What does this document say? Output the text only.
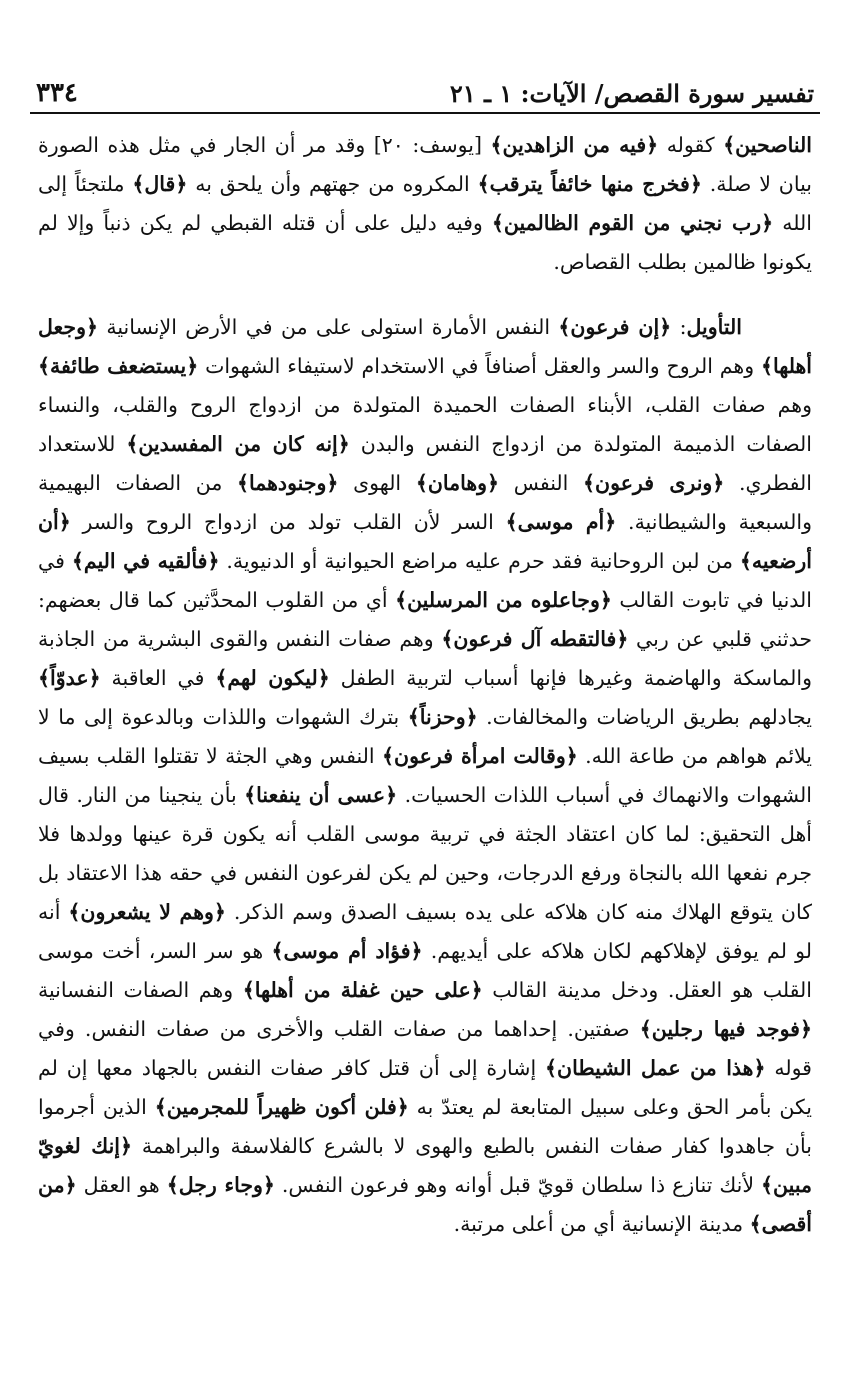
تفسير سورة القصص/ الآيات: ١ ـ ٢١
٣٣٤

الناصحين﴾ كقوله ﴿فيه من الزاهدين﴾ [يوسف: ٢٠] وقد مر أن الجار في مثل هذه الصورة بيان لا صلة. ﴿فخرج منها خائفاً يترقب﴾ المكروه من جهتهم وأن يلحق به ﴿قال﴾ ملتجئاً إلى الله ﴿رب نجني من القوم الظالمين﴾ وفيه دليل على أن قتله القبطي لم يكن ذنباً وإلا لم يكونوا ظالمين بطلب القصاص.

التأويل: ﴿إن فرعون﴾ النفس الأمارة استولى على من في الأرض الإنسانية ﴿وجعل أهلها﴾ وهم الروح والسر والعقل أصنافاً في الاستخدام لاستيفاء الشهوات ﴿يستضعف طائفة﴾ وهم صفات القلب، الأبناء الصفات الحميدة المتولدة من ازدواج الروح والقلب، والنساء الصفات الذميمة المتولدة من ازدواج النفس والبدن ﴿إنه كان من المفسدين﴾ للاستعداد الفطري. ﴿ونرى فرعون﴾ النفس ﴿وهامان﴾ الهوى ﴿وجنودهما﴾ من الصفات البهيمية والسبعية والشيطانية. ﴿أم موسى﴾ السر لأن القلب تولد من ازدواج الروح والسر ﴿أن أرضعيه﴾ من لبن الروحانية فقد حرم عليه مراضع الحيوانية أو الدنيوية. ﴿فألقيه في اليم﴾ في الدنيا في تابوت القالب ﴿وجاعلوه من المرسلين﴾ أي من القلوب المحدَّثين كما قال بعضهم: حدثني قلبي عن ربي ﴿فالتقطه آل فرعون﴾ وهم صفات النفس والقوى البشرية من الجاذبة والماسكة والهاضمة وغيرها فإنها أسباب لتربية الطفل ﴿ليكون لهم﴾ في العاقبة ﴿عدوّاً﴾ يجادلهم بطريق الرياضات والمخالفات. ﴿وحزناً﴾ بترك الشهوات واللذات وبالدعوة إلى ما لا يلائم هواهم من طاعة الله. ﴿وقالت امرأة فرعون﴾ النفس وهي الجثة لا تقتلوا القلب بسيف الشهوات والانهماك في أسباب اللذات الحسيات. ﴿عسى أن ينفعنا﴾ بأن ينجينا من النار. قال أهل التحقيق: لما كان اعتقاد الجثة في تربية موسى القلب أنه يكون قرة عينها وولدها فلا جرم نفعها الله بالنجاة ورفع الدرجات، وحين لم يكن لفرعون النفس في حقه هذا الاعتقاد بل كان يتوقع الهلاك منه كان هلاكه على يده بسيف الصدق وسم الذكر. ﴿وهم لا يشعرون﴾ أنه لو لم يوفق لإهلاكهم لكان هلاكه على أيديهم. ﴿فؤاد أم موسى﴾ هو سر السر، أخت موسى القلب هو العقل. ودخل مدينة القالب ﴿على حين غفلة من أهلها﴾ وهم الصفات النفسانية ﴿فوجد فيها رجلين﴾ صفتين. إحداهما من صفات القلب والأخرى من صفات النفس. وفي قوله ﴿هذا من عمل الشيطان﴾ إشارة إلى أن قتل كافر صفات النفس بالجهاد معها إن لم يكن بأمر الحق وعلى سبيل المتابعة لم يعتدّ به ﴿فلن أكون ظهيراً للمجرمين﴾ الذين أجرموا بأن جاهدوا كفار صفات النفس بالطبع والهوى لا بالشرع كالفلاسفة والبراهمة ﴿إنك لغويّ مبين﴾ لأنك تنازع ذا سلطان قويّ قبل أوانه وهو فرعون النفس. ﴿وجاء رجل﴾ هو العقل ﴿من أقصى﴾ مدينة الإنسانية أي من أعلى مرتبة.
